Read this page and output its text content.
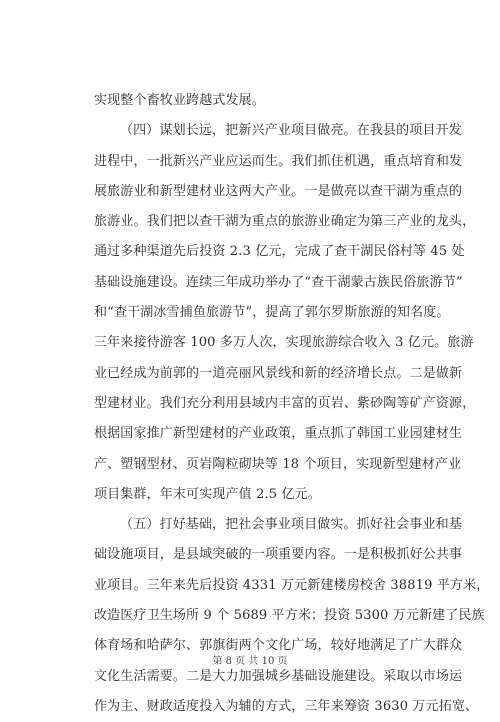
实现整个畜牧业跨越式发展。
（四）谋划长远，把新兴产业项目做亮。在我县的项目开发
进程中，一批新兴产业应运而生。我们抓住机遇，重点培育和发
展旅游业和新型建材业这两大产业。一是做亮以查干湖为重点的
旅游业。我们把以查干湖为重点的旅游业确定为第三产业的龙头，
通过多种渠道先后投资 2.3 亿元，完成了查干湖民俗村等 45 处
基础设施建设。连续三年成功举办了“查干湖蒙古族民俗旅游节”
和“查干湖冰雪捕鱼旅游节”，提高了郭尔罗斯旅游的知名度。
三年来接待游客 100 多万人次，实现旅游综合收入 3 亿元。旅游
业已经成为前郭的一道亮丽风景线和新的经济增长点。二是做新
型建材业。我们充分利用县域内丰富的页岩、紫砂陶等矿产资源，
根据国家推广新型建材的产业政策，重点抓了韩国工业园建材生
产、塑钢型材、页岩陶粒砌块等 18 个项目，实现新型建材产业
项目集群，年末可实现产值 2.5 亿元。
（五）打好基础，把社会事业项目做实。抓好社会事业和基
础设施项目，是县域突破的一项重要内容。一是积极抓好公共事
业项目。三年来先后投资 4331 万元新建楼房校舍 38819 平方米，
改造医疗卫生场所 9 个 5689 平方米；投资 5300 万元新建了民族
体育场和哈萨尔、郭旗街两个文化广场，较好地满足了广大群众
文化生活需要。二是大力加强城乡基础设施建设。采取以市场运
作为主、财政适度投入为辅的方式，三年来筹资 3630 万元拓宽、
第 8 页 共 10 页
